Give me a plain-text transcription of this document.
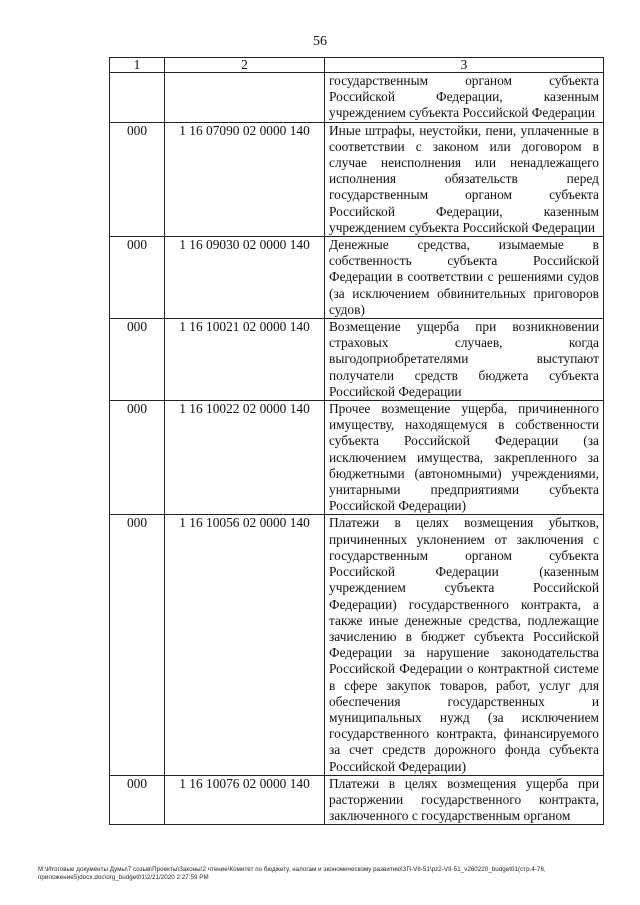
56
1	2	3
		государственным органом субъекта Российской Федерации, казенным учреждением субъекта Российской Федерации
000	1 16 07090 02 0000 140	Иные штрафы, неустойки, пени, уплаченные в соответствии с законом или договором в случае неисполнения или ненадлежащего исполнения обязательств перед государственным органом субъекта Российской Федерации, казенным учреждением субъекта Российской Федерации
000	1 16 09030 02 0000 140	Денежные средства, изымаемые в собственность субъекта Российской Федерации в соответствии с решениями судов (за исключением обвинительных приговоров судов)
000	1 16 10021 02 0000 140	Возмещение ущерба при возникновении страховых случаев, когда выгодоприобретателями выступают получатели средств бюджета субъекта Российской Федерации
000	1 16 10022 02 0000 140	Прочее возмещение ущерба, причиненного имуществу, находящемуся в собственности субъекта Российской Федерации (за исключением имущества, закрепленного за бюджетными (автономными) учреждениями, унитарными предприятиями субъекта Российской Федерации)
000	1 16 10056 02 0000 140	Платежи в целях возмещения убытков, причиненных уклонением от заключения с государственным органом субъекта Российской Федерации (казенным учреждением субъекта Российской Федерации) государственного контракта, а также иные денежные средства, подлежащие зачислению в бюджет субъекта Российской Федерации за нарушение законодательства Российской Федерации о контрактной системе в сфере закупок товаров, работ, услуг для обеспечения государственных и муниципальных нужд (за исключением государственного контракта, финансируемого за счет средств дорожного фонда субъекта Российской Федерации)
000	1 16 10076 02 0000 140	Платежи в целях возмещения ущерба при расторжении государственного контракта, заключенного с государственным органом
M:\Итоговые документы Думы\7 созыв\Проекты\Законы\2 чтение\Комитет по бюджету, налогам и экономическому развитию\ЗП-VII-51\pz2-VII-51_v260220_budget01(стр.4-76, приложение5)docx.doc\org_budget01\2/21/2020 2:27:59 PM
